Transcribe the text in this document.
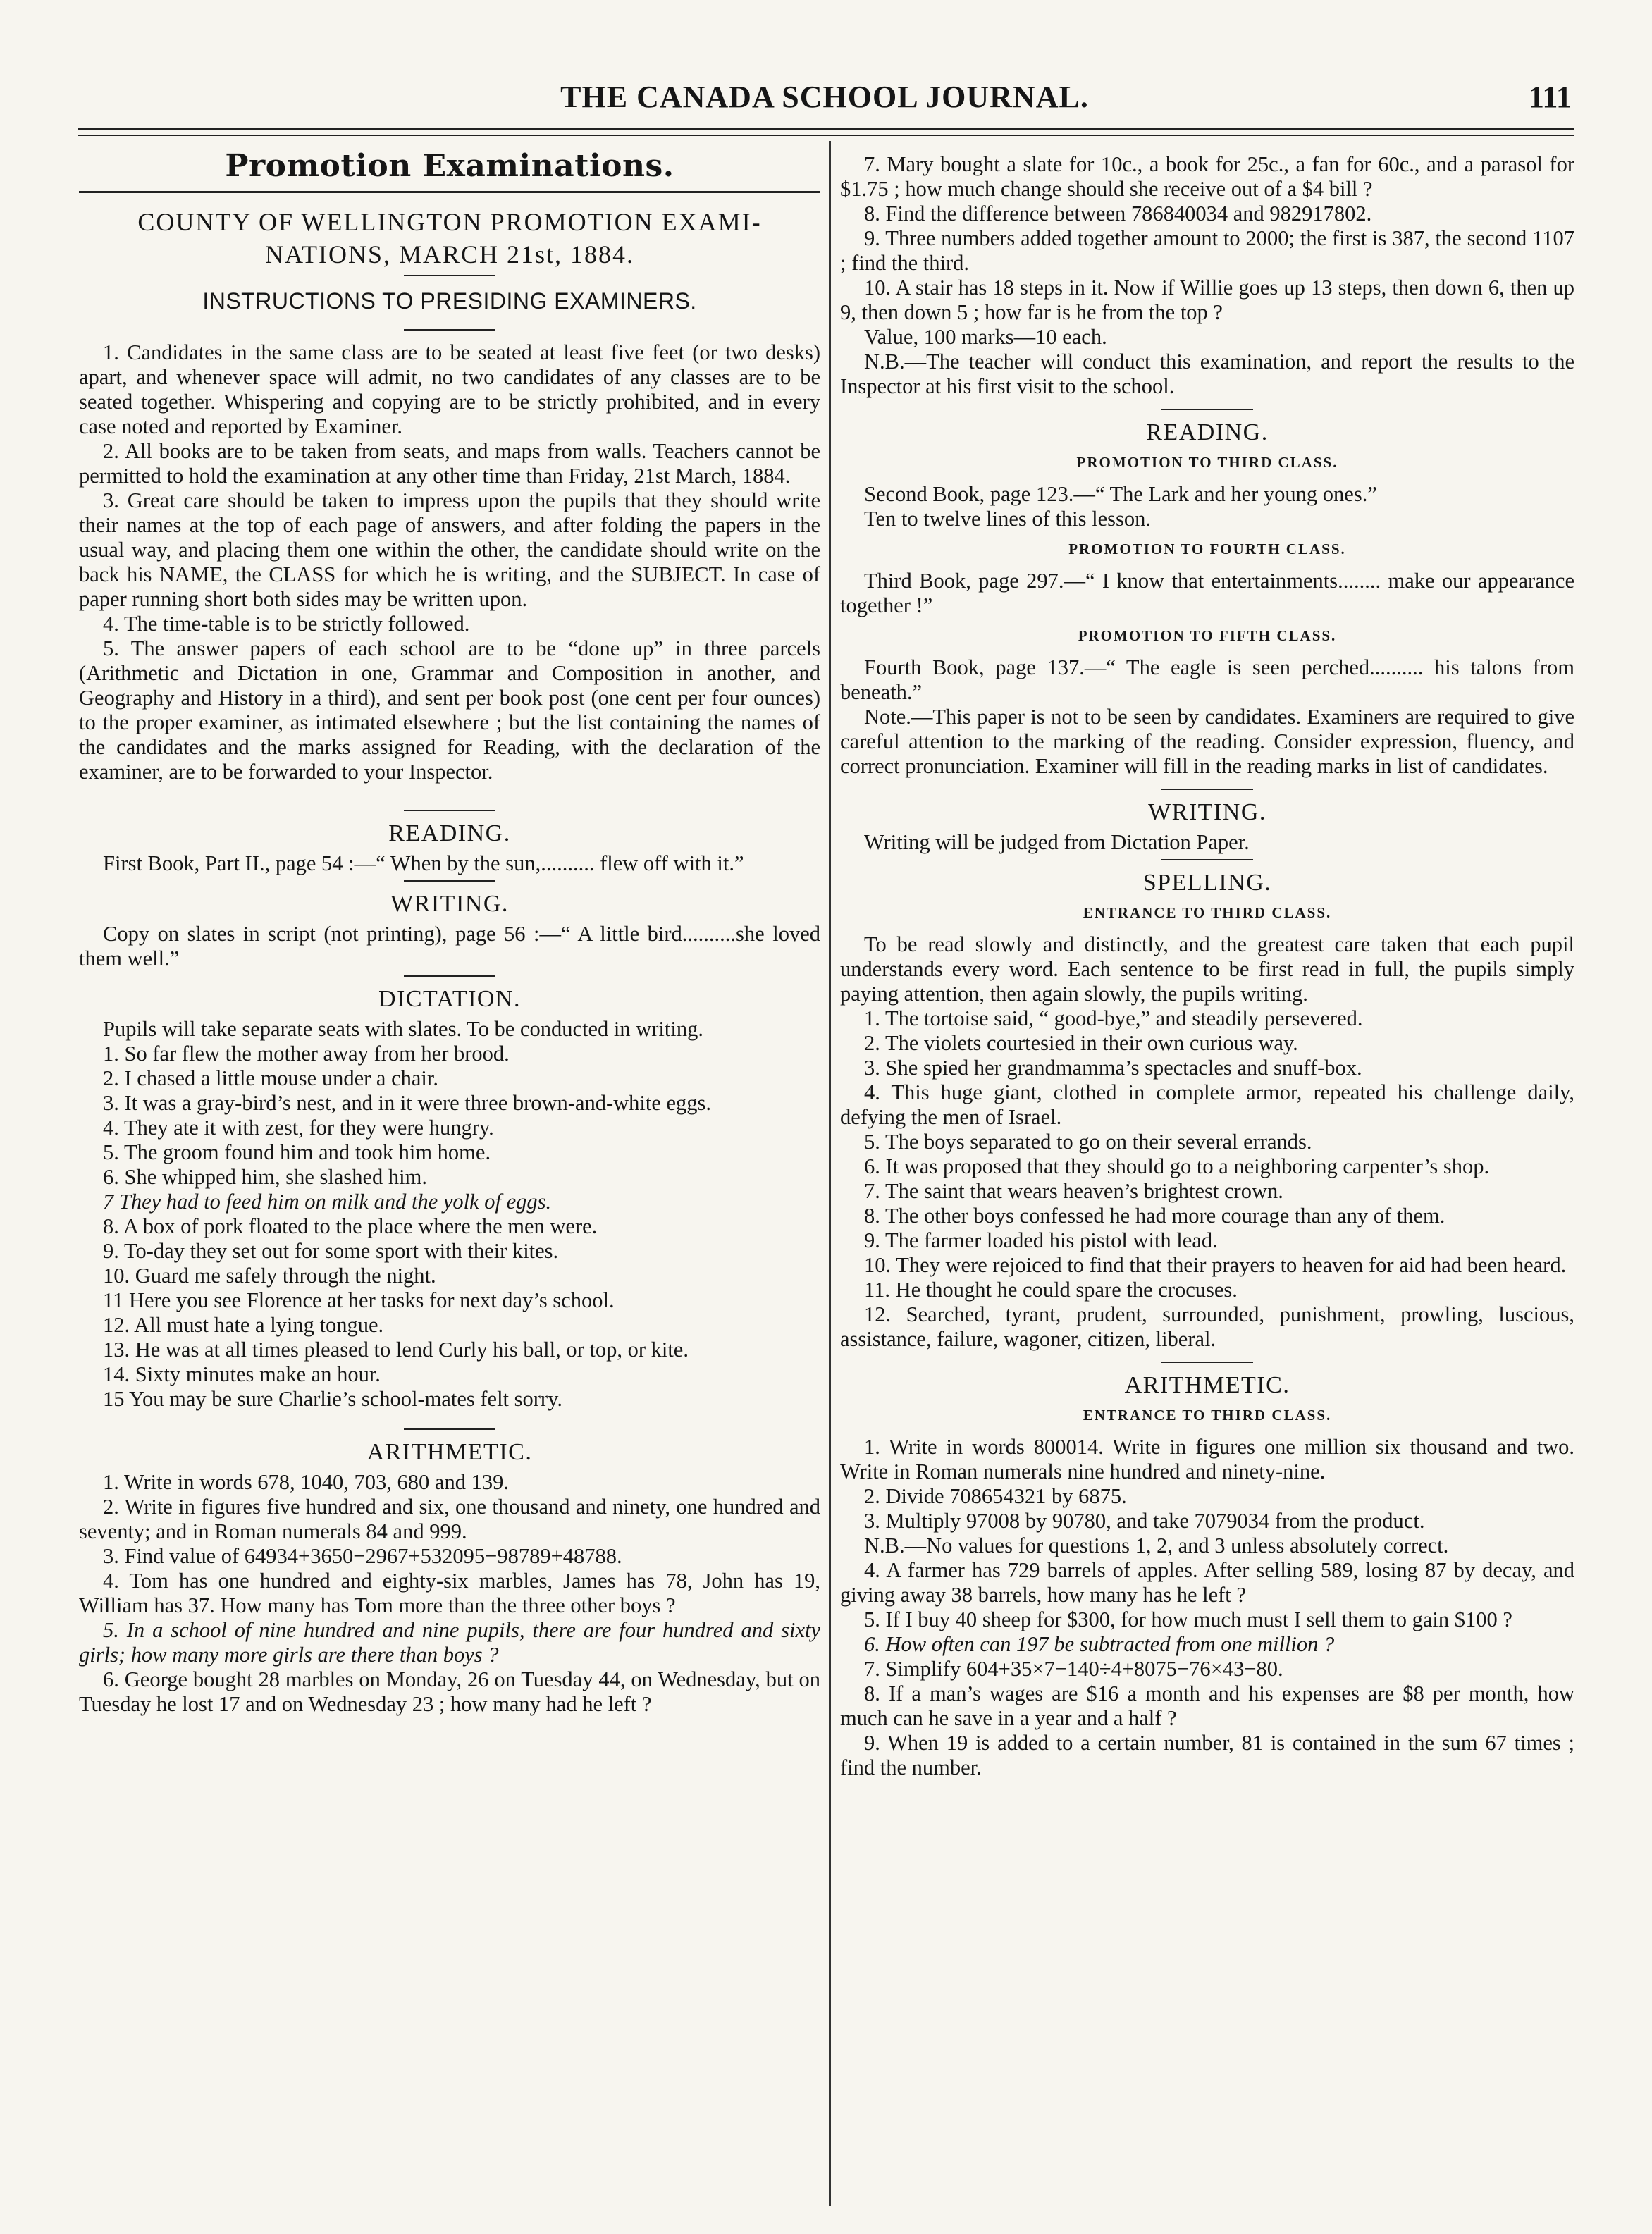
THE CANADA SCHOOL JOURNAL.	111
Promotion Examinations.
COUNTY OF WELLINGTON PROMOTION EXAMI-
NATIONS, MARCH 21st, 1884.
INSTRUCTIONS TO PRESIDING EXAMINERS.

1. Candidates in the same class are to be seated at least five feet (or two desks) apart, and whenever space will admit, no two candidates of any classes are to be seated together. Whispering and copying are to be strictly prohibited, and in every case noted and reported by Examiner.

2. All books are to be taken from seats, and maps from walls. Teachers cannot be permitted to hold the examination at any other time than Friday, 21st March, 1884.

3. Great care should be taken to impress upon the pupils that they should write their names at the top of each page of answers, and after folding the papers in the usual way, and placing them one within the other, the candidate should write on the back his NAME, the CLASS for which he is writing, and the SUBJECT. In case of paper running short both sides may be written upon.

4. The time-table is to be strictly followed.

5. The answer papers of each school are to be “done up” in three parcels (Arithmetic and Dictation in one, Grammar and Composition in another, and Geography and History in a third), and sent per book post (one cent per four ounces) to the proper examiner, as intimated elsewhere ; but the list containing the names of the candidates and the marks assigned for Reading, with the declaration of the examiner, are to be forwarded to your Inspector.

READING.

First Book, Part II., page 54 :—“ When by the sun,.......... flew off with it.”

WRITING.

Copy on slates in script (not printing), page 56 :—“ A little bird..........she loved them well.”

DICTATION.

Pupils will take separate seats with slates. To be conducted in writing.

1. So far flew the mother away from her brood.

2. I chased a little mouse under a chair.

3. It was a gray-bird’s nest, and in it were three brown-and-white eggs.

4. They ate it with zest, for they were hungry.

5. The groom found him and took him home.

6. She whipped him, she slashed him.

7 They had to feed him on milk and the yolk of eggs.

8. A box of pork floated to the place where the men were.

9. To-day they set out for some sport with their kites.

10. Guard me safely through the night.

11 Here you see Florence at her tasks for next day’s school.

12. All must hate a lying tongue.

13. He was at all times pleased to lend Curly his ball, or top, or kite.

14. Sixty minutes make an hour.

15 You may be sure Charlie’s school-mates felt sorry.

ARITHMETIC.

1. Write in words 678, 1040, 703, 680 and 139.

2. Write in figures five hundred and six, one thousand and ninety, one hundred and seventy; and in Roman numerals 84 and 999.

3. Find value of 64934+3650−2967+532095−98789+48788.

4. Tom has one hundred and eighty-six marbles, James has 78, John has 19, William has 37. How many has Tom more than the three other boys ?

5. In a school of nine hundred and nine pupils, there are four hundred and sixty girls; how many more girls are there than boys ?

6. George bought 28 marbles on Monday, 26 on Tuesday 44, on Wednesday, but on Tuesday he lost 17 and on Wednesday 23 ; how many had he left ?

7. Mary bought a slate for 10c., a book for 25c., a fan for 60c., and a parasol for $1.75 ; how much change should she receive out of a $4 bill ?

8. Find the difference between 786840034 and 982917802.

9. Three numbers added together amount to 2000; the first is 387, the second 1107 ; find the third.

10. A stair has 18 steps in it. Now if Willie goes up 13 steps, then down 6, then up 9, then down 5 ; how far is he from the top ?

Value, 100 marks—10 each.

N.B.—The teacher will conduct this examination, and report the results to the Inspector at his first visit to the school.

READING.
PROMOTION TO THIRD CLASS.

Second Book, page 123.—“ The Lark and her young ones.”

Ten to twelve lines of this lesson.

PROMOTION TO FOURTH CLASS.

Third Book, page 297.—“ I know that entertainments........ make our appearance together !”

PROMOTION TO FIFTH CLASS.

Fourth Book, page 137.—“ The eagle is seen perched.......... his talons from beneath.”

Note.—This paper is not to be seen by candidates. Examiners are required to give careful attention to the marking of the reading. Consider expression, fluency, and correct pronunciation. Examiner will fill in the reading marks in list of candidates.

WRITING.

Writing will be judged from Dictation Paper.

SPELLING.
ENTRANCE TO THIRD CLASS.

To be read slowly and distinctly, and the greatest care taken that each pupil understands every word. Each sentence to be first read in full, the pupils simply paying attention, then again slowly, the pupils writing.

1. The tortoise said, “ good-bye,” and steadily persevered.

2. The violets courtesied in their own curious way.

3. She spied her grandmamma’s spectacles and snuff-box.

4. This huge giant, clothed in complete armor, repeated his challenge daily, defying the men of Israel.

5. The boys separated to go on their several errands.

6. It was proposed that they should go to a neighboring carpenter’s shop.

7. The saint that wears heaven’s brightest crown.

8. The other boys confessed he had more courage than any of them.

9. The farmer loaded his pistol with lead.

10. They were rejoiced to find that their prayers to heaven for aid had been heard.

11. He thought he could spare the crocuses.

12. Searched, tyrant, prudent, surrounded, punishment, prowling, luscious, assistance, failure, wagoner, citizen, liberal.

ARITHMETIC.
ENTRANCE TO THIRD CLASS.

1. Write in words 800014. Write in figures one million six thousand and two. Write in Roman numerals nine hundred and ninety-nine.

2. Divide 708654321 by 6875.

3. Multiply 97008 by 90780, and take 7079034 from the product.

N.B.—No values for questions 1, 2, and 3 unless absolutely correct.

4. A farmer has 729 barrels of apples. After selling 589, losing 87 by decay, and giving away 38 barrels, how many has he left ?

5. If I buy 40 sheep for $300, for how much must I sell them to gain $100 ?

6. How often can 197 be subtracted from one million ?

7. Simplify 604+35×7−140÷4+8075−76×43−80.

8. If a man’s wages are $16 a month and his expenses are $8 per month, how much can he save in a year and a half ?

9. When 19 is added to a certain number, 81 is contained in the sum 67 times ; find the number.
